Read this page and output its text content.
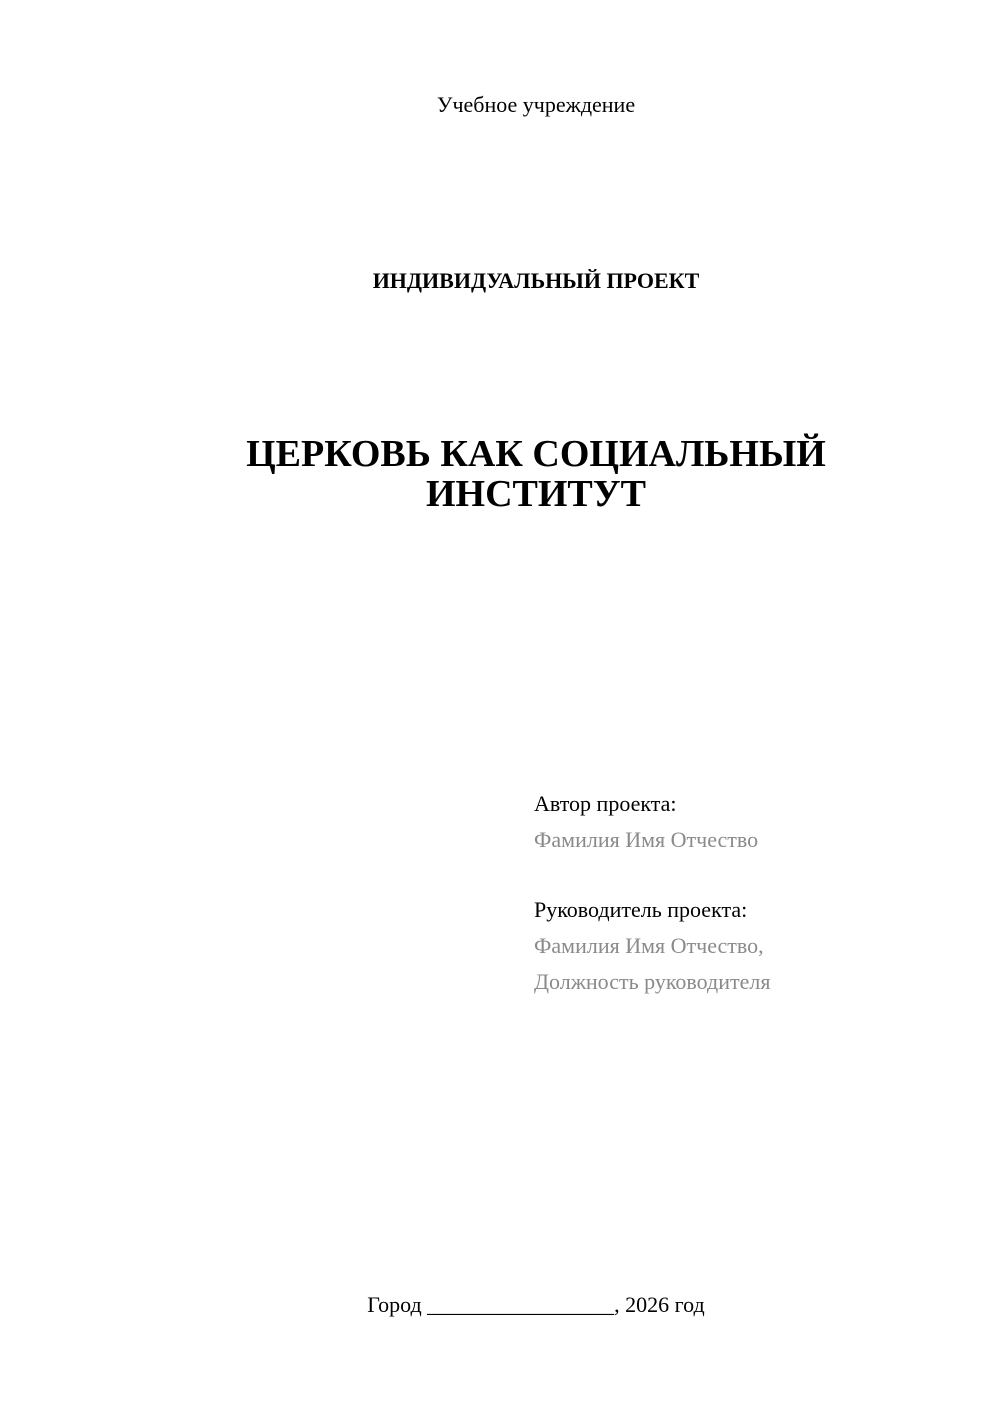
Учебное учреждение
ИНДИВИДУАЛЬНЫЙ ПРОЕКТ
ЦЕРКОВЬ КАК СОЦИАЛЬНЫЙ
ИНСТИТУТ
Автор проекта:
Фамилия Имя Отчество
Руководитель проекта:
Фамилия Имя Отчество,
Должность руководителя
Город _________________, 2026 год
